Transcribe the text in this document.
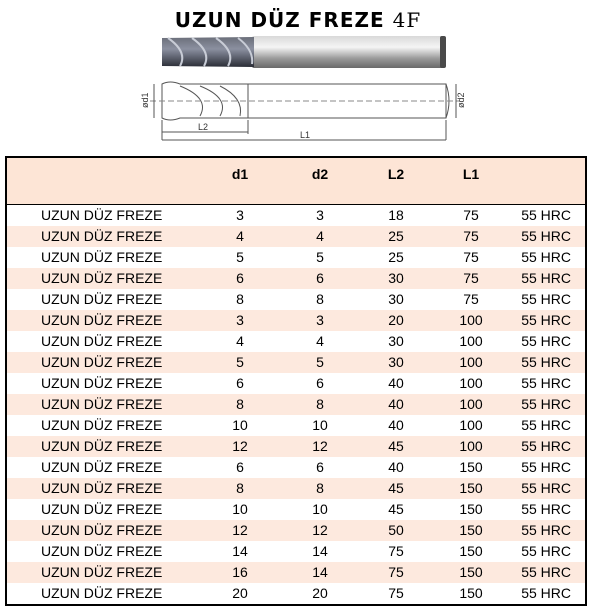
UZUN DÜZ FREZE 4F
ød1	ød2
L2
L1
d1	d2	L2	L1
UZUN DÜZ FREZE	3	3	18	75	55 HRC
UZUN DÜZ FREZE	4	4	25	75	55 HRC
UZUN DÜZ FREZE	5	5	25	75	55 HRC
UZUN DÜZ FREZE	6	6	30	75	55 HRC
UZUN DÜZ FREZE	8	8	30	75	55 HRC
UZUN DÜZ FREZE	3	3	20	100	55 HRC
UZUN DÜZ FREZE	4	4	30	100	55 HRC
UZUN DÜZ FREZE	5	5	30	100	55 HRC
UZUN DÜZ FREZE	6	6	40	100	55 HRC
UZUN DÜZ FREZE	8	8	40	100	55 HRC
UZUN DÜZ FREZE	10	10	40	100	55 HRC
UZUN DÜZ FREZE	12	12	45	100	55 HRC
UZUN DÜZ FREZE	6	6	40	150	55 HRC
UZUN DÜZ FREZE	8	8	45	150	55 HRC
UZUN DÜZ FREZE	10	10	45	150	55 HRC
UZUN DÜZ FREZE	12	12	50	150	55 HRC
UZUN DÜZ FREZE	14	14	75	150	55 HRC
UZUN DÜZ FREZE	16	14	75	150	55 HRC
UZUN DÜZ FREZE	20	20	75	150	55 HRC
